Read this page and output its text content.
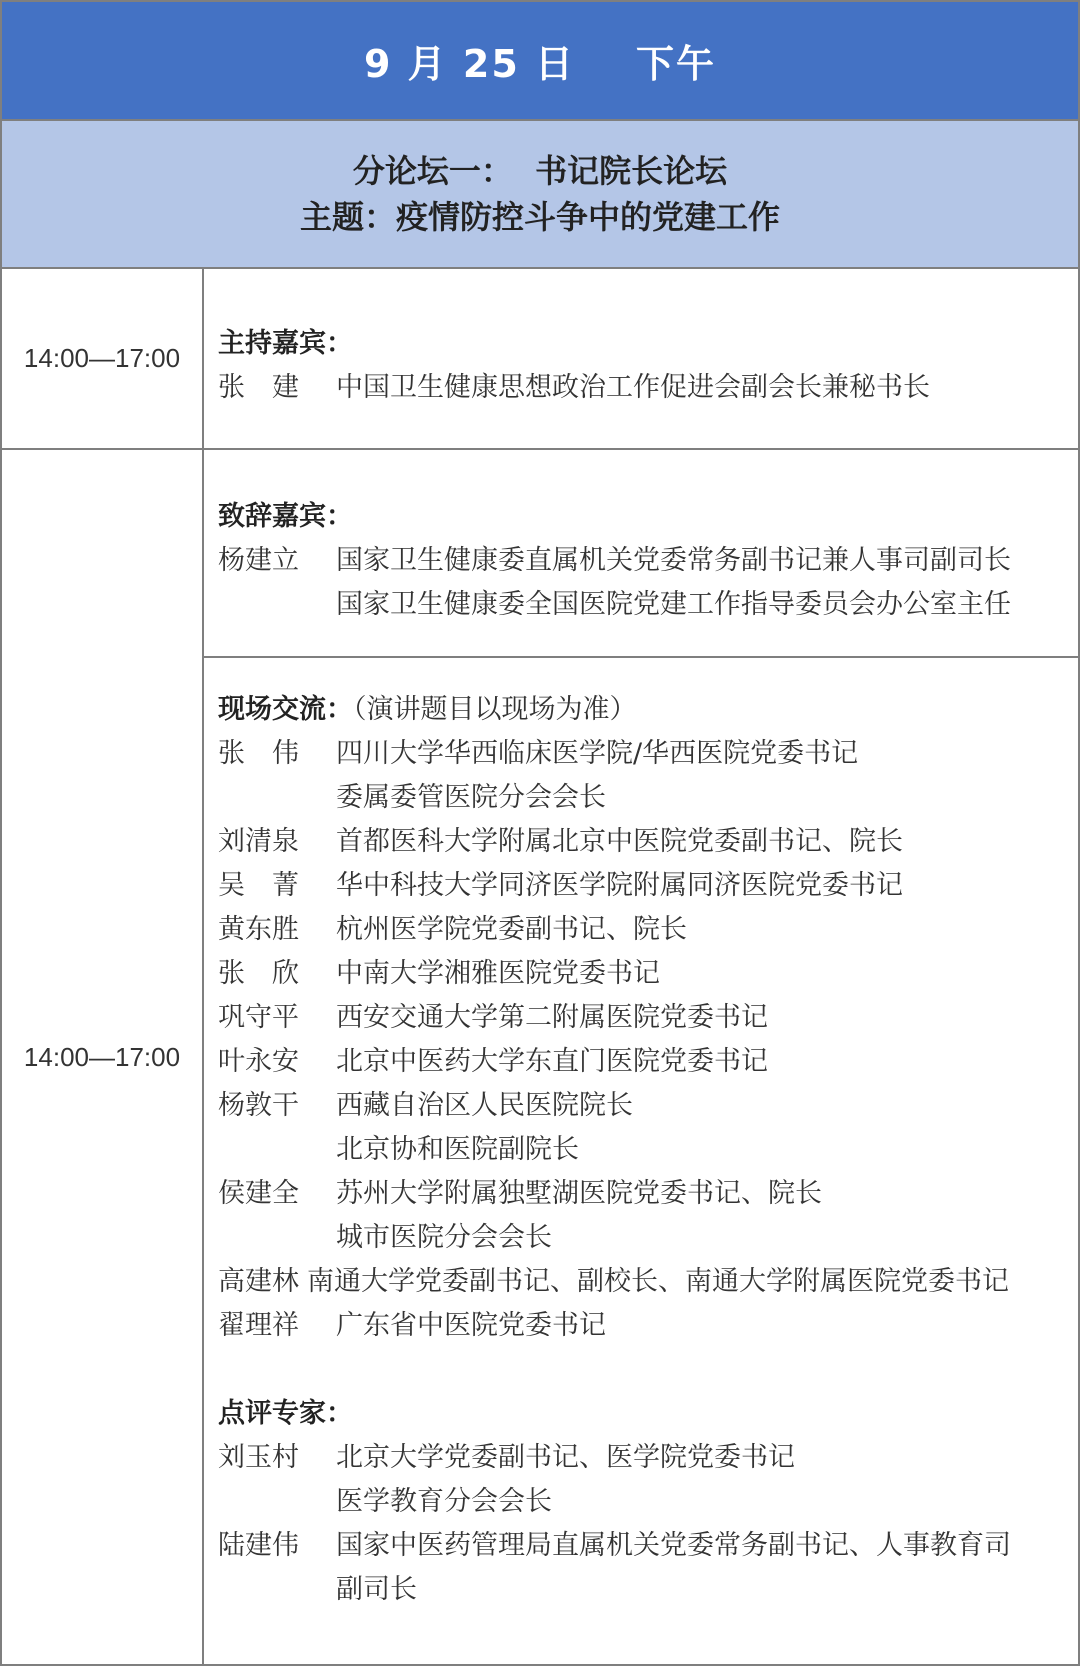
9 月 25 日
下午
分论坛一：  书记院长论坛
主题：疫情防控斗争中的党建工作
14:00—17:00 主持嘉宾：
张　建	中国卫生健康思想政治工作促进会副会长兼秘书长
14:00—17:00
致辞嘉宾：
杨建立	国家卫生健康委直属机关党委常务副书记兼人事司副司长
国家卫生健康委全国医院党建工作指导委员会办公室主任
现场交流：（演讲题目以现场为准）
张　伟	四川大学华西临床医学院/华西医院党委书记
委属委管医院分会会长
刘清泉	首都医科大学附属北京中医院党委副书记、院长
吴　菁	华中科技大学同济医学院附属同济医院党委书记
黄东胜	杭州医学院党委副书记、院长
张　欣	中南大学湘雅医院党委书记
巩守平	西安交通大学第二附属医院党委书记
叶永安	北京中医药大学东直门医院党委书记
杨敦干	西藏自治区人民医院院长
北京协和医院副院长
侯建全	苏州大学附属独墅湖医院党委书记、院长
城市医院分会会长
高建林 南通大学党委副书记、副校长、南通大学附属医院党委书记
翟理祥	广东省中医院党委书记
点评专家：
刘玉村	北京大学党委副书记、医学院党委书记
医学教育分会会长
陆建伟	国家中医药管理局直属机关党委常务副书记、人事教育司
副司长
